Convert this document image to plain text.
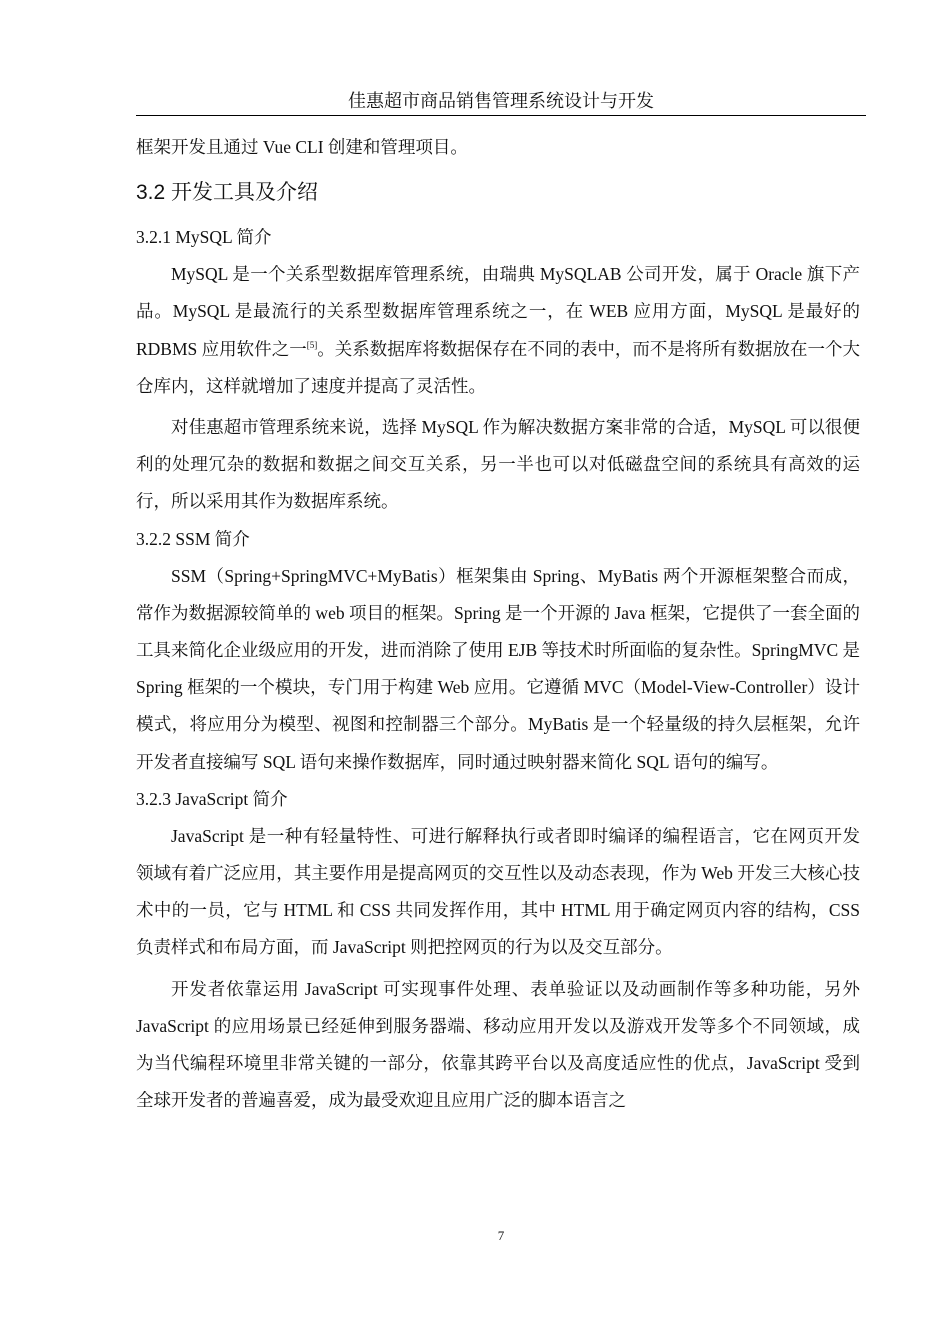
佳惠超市商品销售管理系统设计与开发

框架开发且通过 Vue CLI 创建和管理项目。

3.2 开发工具及介绍
3.2.1 MySQL 简介

MySQL 是一个关系型数据库管理系统，由瑞典 MySQLAB 公司开发，属于 Oracle 旗下产品。MySQL 是最流行的关系型数据库管理系统之一，在 WEB 应用方面，MySQL 是最好的 RDBMS 应用软件之一[5]。关系数据库将数据保存在不同的表中，而不是将所有数据放在一个大仓库内，这样就增加了速度并提高了灵活性。

对佳惠超市管理系统来说，选择 MySQL 作为解决数据方案非常的合适，MySQL 可以很便利的处理冗杂的数据和数据之间交互关系，另一半也可以对低磁盘空间的系统具有高效的运行，所以采用其作为数据库系统。

3.2.2 SSM 简介

SSM（Spring+SpringMVC+MyBatis）框架集由 Spring、MyBatis 两个开源框架整合而成，常作为数据源较简单的 web 项目的框架。Spring 是一个开源的 Java 框架，它提供了一套全面的工具来简化企业级应用的开发，进而消除了使用 EJB 等技术时所面临的复杂性。SpringMVC 是 Spring 框架的一个模块，专门用于构建 Web 应用。它遵循 MVC（Model-View-Controller）设计模式，将应用分为模型、视图和控制器三个部分。MyBatis 是一个轻量级的持久层框架，允许开发者直接编写 SQL 语句来操作数据库，同时通过映射器来简化 SQL 语句的编写。

3.2.3 JavaScript 简介

JavaScript 是一种有轻量特性、可进行解释执行或者即时编译的编程语言，它在网页开发领域有着广泛应用，其主要作用是提高网页的交互性以及动态表现，作为 Web 开发三大核心技术中的一员，它与 HTML 和 CSS 共同发挥作用，其中 HTML 用于确定网页内容的结构，CSS 负责样式和布局方面，而 JavaScript 则把控网页的行为以及交互部分。

开发者依靠运用 JavaScript 可实现事件处理、表单验证以及动画制作等多种功能，另外 JavaScript 的应用场景已经延伸到服务器端、移动应用开发以及游戏开发等多个不同领域，成为当代编程环境里非常关键的一部分，依靠其跨平台以及高度适应性的优点，JavaScript 受到全球开发者的普遍喜爱，成为最受欢迎且应用广泛的脚本语言之

7
